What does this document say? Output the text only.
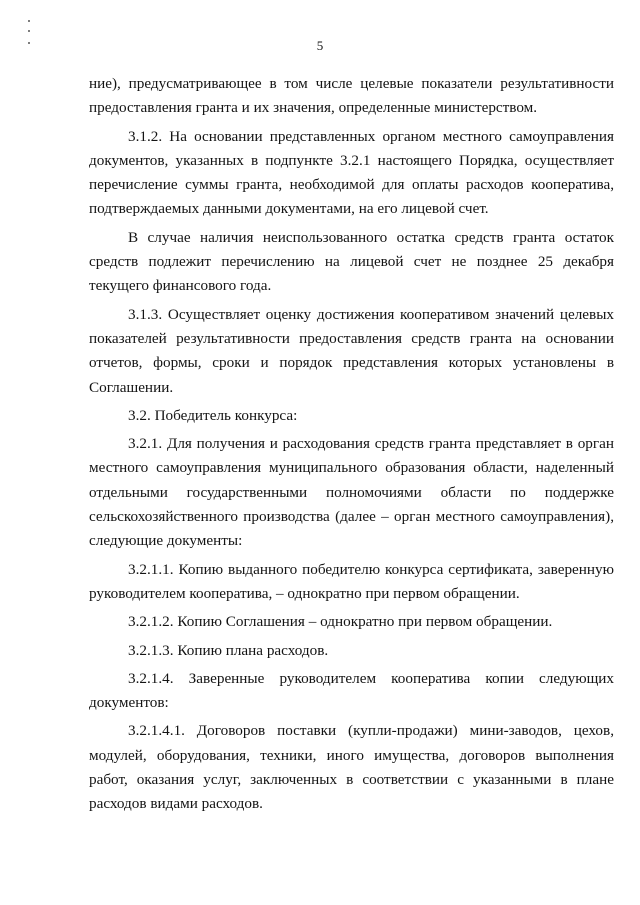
5

ние), предусматривающее в том числе целевые показатели результативности предоставления гранта и их значения, определенные министерством.

3.1.2. На основании представленных органом местного самоуправления документов, указанных в подпункте 3.2.1 настоящего Порядка, осуществляет перечисление суммы гранта, необходимой для оплаты расходов кооператива, подтверждаемых данными документами, на его лицевой счет.

В случае наличия неиспользованного остатка средств гранта остаток средств подлежит перечислению на лицевой счет не позднее 25 декабря текущего финансового года.

3.1.3. Осуществляет оценку достижения кооперативом значений целевых показателей результативности предоставления средств гранта на основании отчетов, формы, сроки и порядок представления которых установлены в Соглашении.

3.2. Победитель конкурса:

3.2.1. Для получения и расходования средств гранта представляет в орган местного самоуправления муниципального образования области, наделенный отдельными государственными полномочиями области по поддержке сельскохозяйственного производства (далее – орган местного самоуправления), следующие документы:

3.2.1.1. Копию выданного победителю конкурса сертификата, заверенную руководителем кооператива, – однократно при первом обращении.

3.2.1.2. Копию Соглашения – однократно при первом обращении.

3.2.1.3. Копию плана расходов.

3.2.1.4. Заверенные руководителем кооператива копии следующих документов:

3.2.1.4.1. Договоров поставки (купли-продажи) мини-заводов, цехов, модулей, оборудования, техники, иного имущества, договоров выполнения работ, оказания услуг, заключенных в соответствии с указанными в плане расходов видами расходов.
